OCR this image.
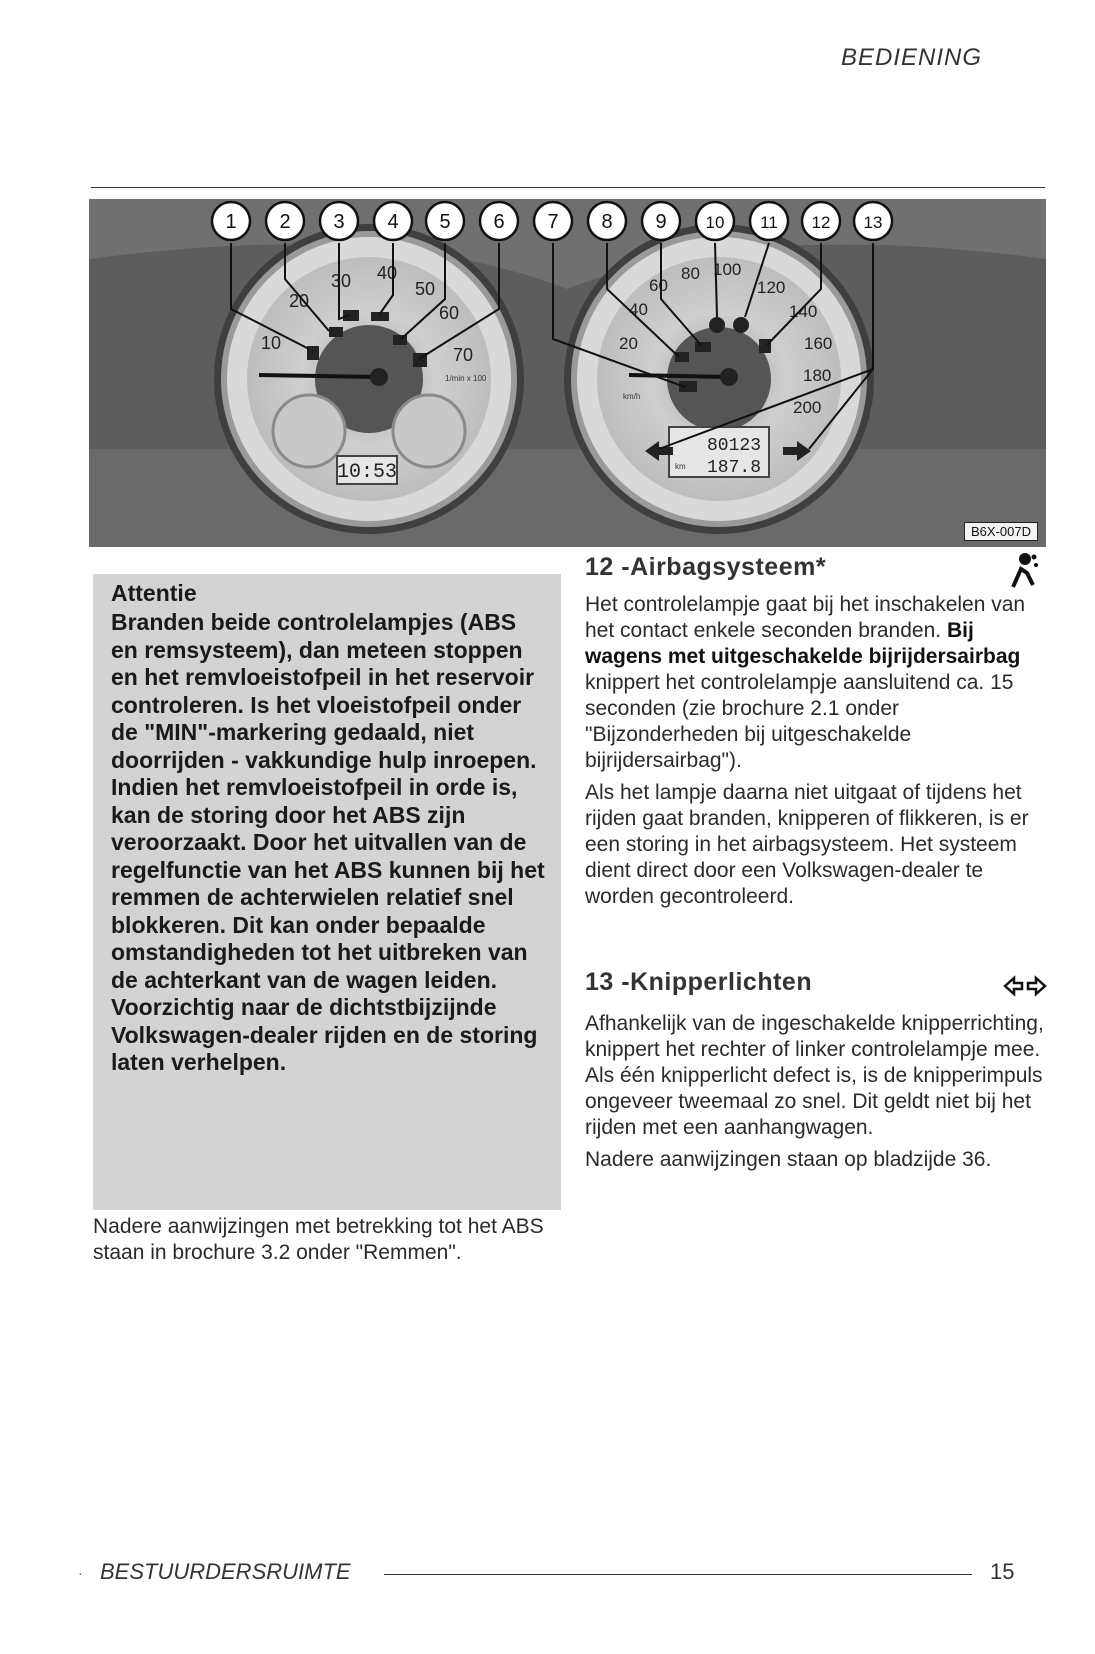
BEDIENING
10:53
1/min x 100
10
20
30 40
50
60
70
80123
187.8
km
km/h
20
40
60
80 100
120
140
160
180
200
1 2 3 4 5 6 7 8 9 10 11 12 13
B6X-007D
Attentie

Branden beide controlelampjes (ABS en remsysteem), dan meteen stoppen en het remvloeistofpeil in het reservoir controleren. Is het vloeistofpeil onder de "MIN"-markering gedaald, niet doorrijden - vakkundige hulp inroepen. Indien het remvloeistofpeil in orde is, kan de storing door het ABS zijn veroorzaakt. Door het uitvallen van de regelfunctie van het ABS kunnen bij het remmen de achterwielen relatief snel blokkeren. Dit kan onder bepaalde omstandigheden tot het uitbreken van de achterkant van de wagen leiden. Voorzichtig naar de dichtstbijzijnde Volkswagen-dealer rijden en de storing laten verhelpen.

Nadere aanwijzingen met betrekking tot het ABS staan in brochure 3.2 onder "Remmen".
12 -Airbagsysteem*

Het controlelampje gaat bij het inschakelen van het contact enkele seconden branden. Bij wagens met uitgeschakelde bijrijdersairbag knippert het controlelampje aansluitend ca. 15 seconden (zie brochure 2.1 onder "Bijzonderheden bij uitgeschakelde bijrijdersairbag").

Als het lampje daarna niet uitgaat of tijdens het rijden gaat branden, knipperen of flikkeren, is er een storing in het airbagsysteem. Het systeem dient direct door een Volkswagen-dealer te worden gecontroleerd.

13 -Knipperlichten

Afhankelijk van de ingeschakelde knipperrichting, knippert het rechter of linker controlelampje mee. Als één knipperlicht defect is, is de knipperimpuls ongeveer tweemaal zo snel. Dit geldt niet bij het rijden met een aanhangwagen.

Nadere aanwijzingen staan op bladzijde 36.

· BESTUURDERSRUIMTE	15
